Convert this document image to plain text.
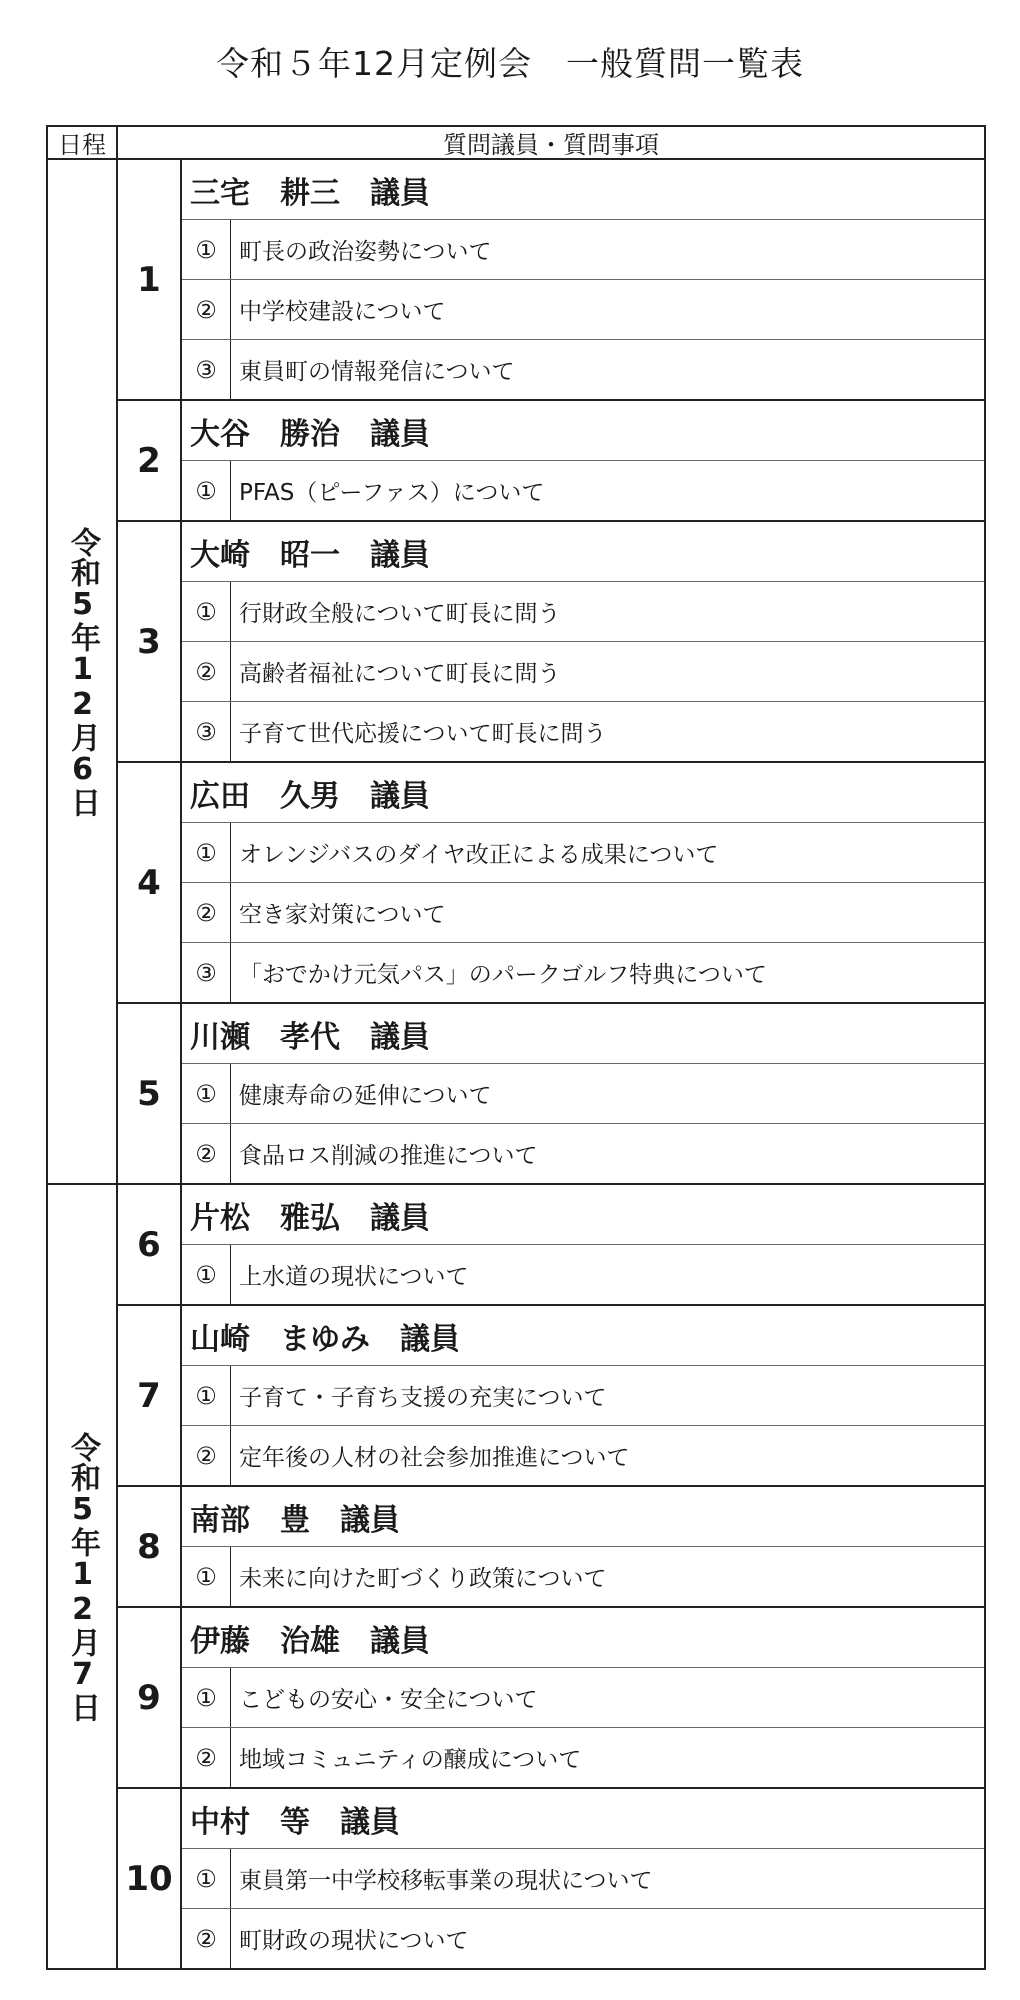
令和５年12月定例会　一般質問一覧表
日程	質問議員・質問事項
令和5年12月6日
1
三宅　耕三　議員
① 町長の政治姿勢について
② 中学校建設について
③ 東員町の情報発信について
2
大谷　勝治　議員
① PFAS（ピーファス）について
3
大崎　昭一　議員
① 行財政全般について町長に問う
② 高齢者福祉について町長に問う
③ 子育て世代応援について町長に問う
4
広田　久男　議員
① オレンジバスのダイヤ改正による成果について
② 空き家対策について
③ 「おでかけ元気パス」のパークゴルフ特典について
5
川瀬　孝代　議員
① 健康寿命の延伸について
② 食品ロス削減の推進について
令和5年12月7日
6
片松　雅弘　議員
① 上水道の現状について
7
山崎　まゆみ　議員
① 子育て・子育ち支援の充実について
② 定年後の人材の社会参加推進について
8
南部　豊　議員
① 未来に向けた町づくり政策について
9
伊藤　治雄　議員
① こどもの安心・安全について
② 地域コミュニティの醸成について
10
中村　等　議員
① 東員第一中学校移転事業の現状について
② 町財政の現状について
